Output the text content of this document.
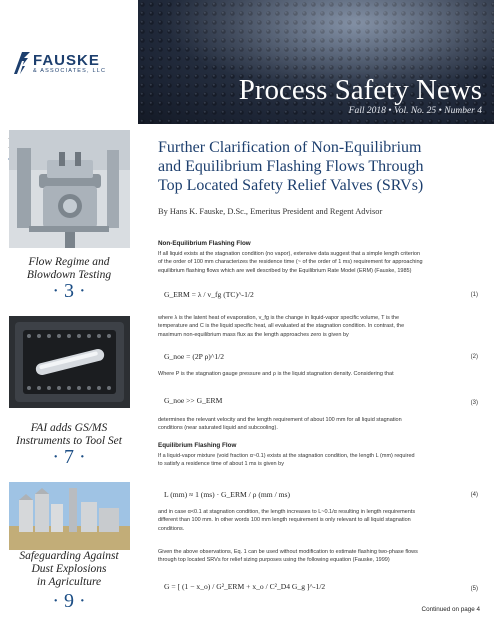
FAUSKE
& ASSOCIATES, LLC
Process Safety News
Fall 2018 • Vol. No. 25 • Number 4
Flow Regime and
Blowdown Testing
· 3 ·
FAI adds GS/MS
Instruments to Tool Set
· 7 ·
Safeguarding Against
Dust Explosions
in Agriculture
· 9 ·
Further Clarification of Non-Equilibrium
and Equilibrium Flashing Flows Through
Top Located Safety Relief Valves (SRVs)
By Hans K. Fauske, D.Sc., Emeritus President and Regent Advisor
Non-Equilibrium Flashing Flow
If all liquid exists at the stagnation condition (no vapor), extensive data suggest that a simple length criterion
of the order of 100 mm characterizes the residence time (~ of the order of 1 ms) requirement for approaching
equilibrium flashing flows which are well described by the Equilibrium Rate Model (ERM) (Fauske, 1985)
G_ERM = λ / v_fg (TC)^-1/2	(1)
where λ is the latent heat of evaporation, v_fg is the change in liquid-vapor specific volume, T is the
temperature and C is the liquid specific heat, all evaluated at the stagnation condition. In contrast, the
maximum non-equilibrium mass flux as the length approaches zero is given by
G_noe = (2P ρ)^1/2	(2)
Where P is the stagnation gauge pressure and ρ is the liquid stagnation density. Considering that
G_noe >> G_ERM	(3)
determines the relevant velocity and the length requirement of about 100 mm for all liquid stagnation
conditions (near saturated liquid and subcooling).
Equilibrium Flashing Flow
If a liquid-vapor mixture (void fraction α~0.1) exists at the stagnation condition, the length L (mm) required
to satisfy a residence time of about 1 ms is given by
L (mm) ≈ 1 (ms) · G_ERM / ρ (mm / ms)	(4)
and in case α<0.1 at stagnation condition, the length increases to L~0.1/α resulting in length requirements
different than 100 mm. In other words 100 mm length requirement is only relevant to all liquid stagnation
conditions.
Given the above observations, Eq. 1 can be used without modification to estimate flashing two-phase flows
through top located SRVs for relief sizing purposes using the following equation (Fauske, 1999)
G = [ (1 − x_o) / G²_ERM + x_o / C²_D4 G_g ]^-1/2	(5)
Continued on page 4
